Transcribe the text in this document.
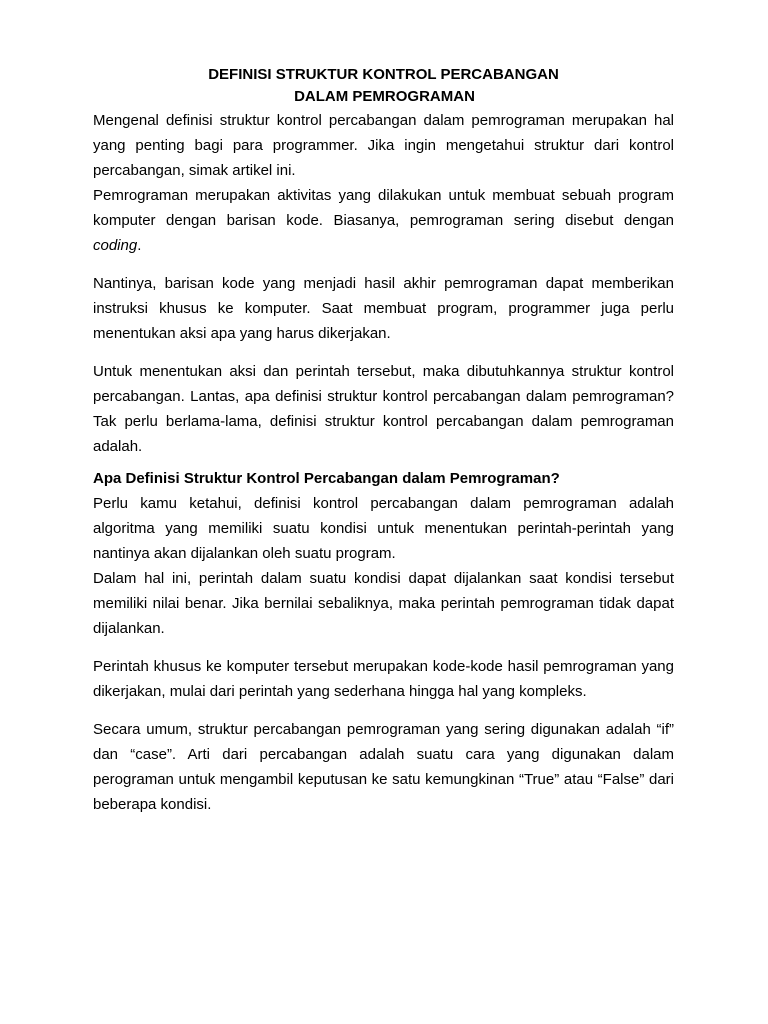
DEFINISI STRUKTUR KONTROL PERCABANGAN

DALAM PEMROGRAMAN

Mengenal definisi struktur kontrol percabangan dalam pemrograman merupakan hal yang penting bagi para programmer. Jika ingin mengetahui struktur dari kontrol percabangan, simak artikel ini.

Pemrograman merupakan aktivitas yang dilakukan untuk membuat sebuah program komputer dengan barisan kode. Biasanya, pemrograman sering disebut dengan coding.

Nantinya, barisan kode yang menjadi hasil akhir pemrograman dapat memberikan instruksi khusus ke komputer. Saat membuat program, programmer juga perlu menentukan aksi apa yang harus dikerjakan.

Untuk menentukan aksi dan perintah tersebut, maka dibutuhkannya struktur kontrol percabangan. Lantas, apa definisi struktur kontrol percabangan dalam pemrograman? Tak perlu berlama-lama, definisi struktur kontrol percabangan dalam pemrograman adalah.

Apa Definisi Struktur Kontrol Percabangan dalam Pemrograman?

Perlu kamu ketahui, definisi kontrol percabangan dalam pemrograman adalah algoritma yang memiliki suatu kondisi untuk menentukan perintah-perintah yang nantinya akan dijalankan oleh suatu program.

Dalam hal ini, perintah dalam suatu kondisi dapat dijalankan saat kondisi tersebut memiliki nilai benar. Jika bernilai sebaliknya, maka perintah pemrograman tidak dapat dijalankan.

Perintah khusus ke komputer tersebut merupakan kode-kode hasil pemrograman yang dikerjakan, mulai dari perintah yang sederhana hingga hal yang kompleks.

Secara umum, struktur percabangan pemrograman yang sering digunakan adalah “if” dan “case”. Arti dari percabangan adalah suatu cara yang digunakan dalam perograman untuk mengambil keputusan ke satu kemungkinan “True” atau “False” dari beberapa kondisi.
